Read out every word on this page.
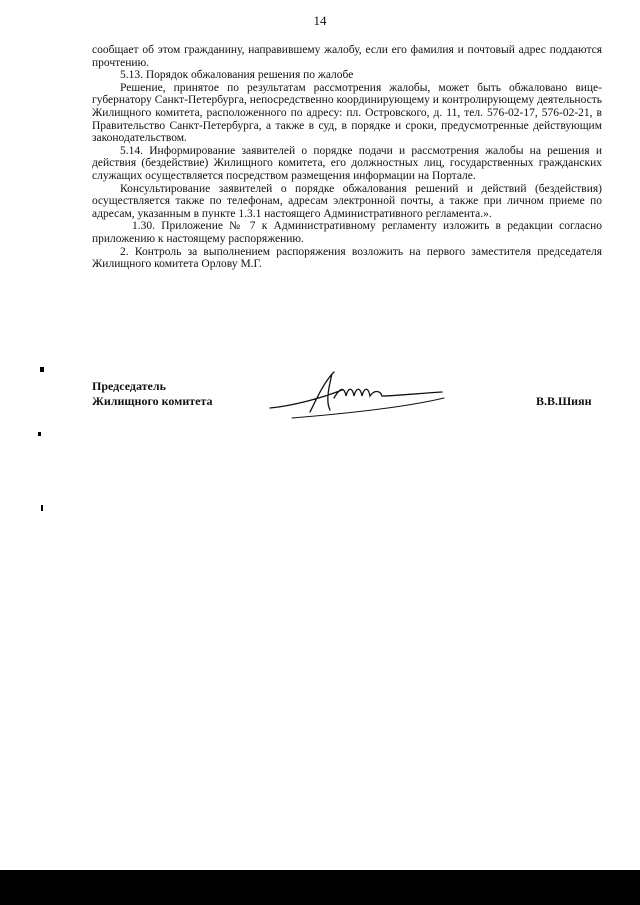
14

сообщает об этом гражданину, направившему жалобу, если его фамилия и почтовый адрес поддаются прочтению.

5.13. Порядок обжалования решения по жалобе

Решение, принятое по результатам рассмотрения жалобы, может быть обжаловано вице-губернатору Санкт-Петербурга, непосредственно координирующему и контролирующему деятельность Жилищного комитета, расположенного по адресу: пл. Островского, д. 11, тел. 576-02-17, 576-02-21, в Правительство Санкт-Петербурга, а также в суд, в порядке и сроки, предусмотренные действующим законодательством.

5.14. Информирование заявителей о порядке подачи и рассмотрения жалобы на решения и действия (бездействие) Жилищного комитета, его должностных лиц, государственных гражданских служащих осуществляется посредством размещения информации на Портале.

Консультирование заявителей о порядке обжалования решений и действий (бездействия) осуществляется также по телефонам, адресам электронной почты, а также при личном приеме по адресам, указанным в пункте 1.3.1 настоящего Административного регламента.».

1.30. Приложение № 7 к Административному регламенту изложить в редакции согласно приложению к настоящему распоряжению.

2. Контроль за выполнением распоряжения возложить на первого заместителя председателя Жилищного комитета Орлову М.Г.

Председатель
Жилищного комитета	В.В.Шиян
